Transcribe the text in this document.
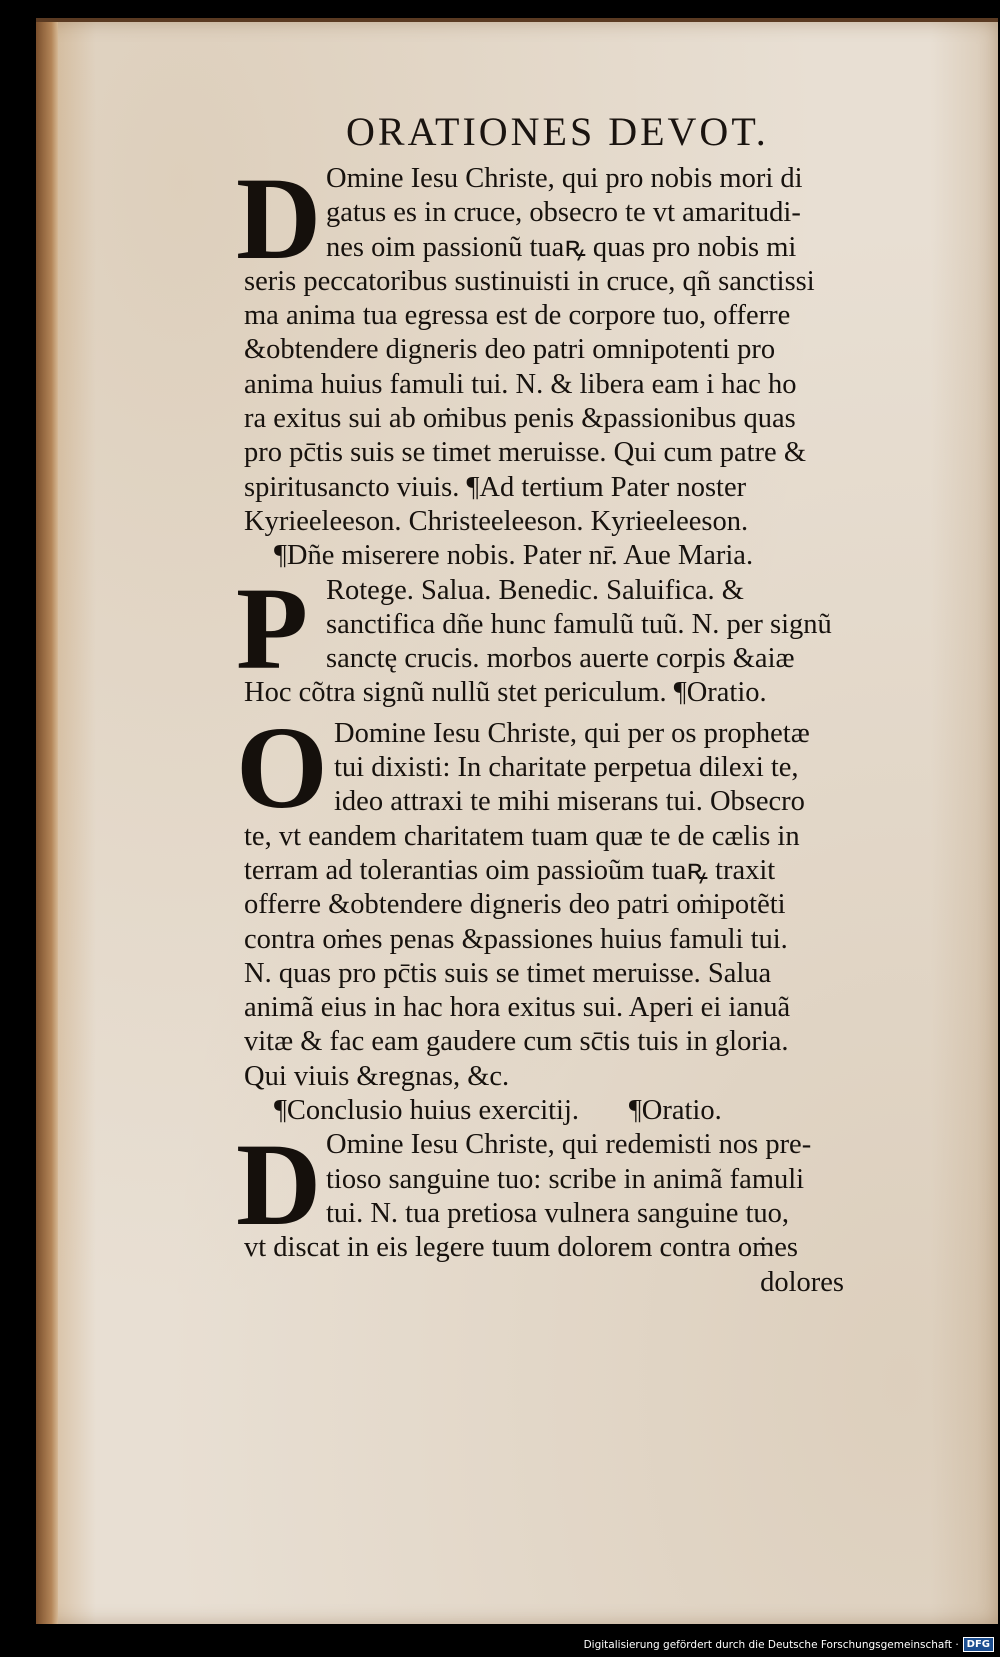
ORATIONES DEVOT.
D Omine Iesu Christe, qui pro nobis mori di
gatus es in cruce, obsecro te vt amaritudi-
nes oim passionũ tuaꝶ quas pro nobis mi
seris peccatoribus sustinuisti in cruce, qñ sanctissi
ma anima tua egressa est de corpore tuo, offerre
&obtendere digneris deo patri omnipotenti pro
anima huius famuli tui. N. & libera eam i hac ho
ra exitus sui ab oṁibus penis &passionibus quas
pro pc̄tis suis se timet meruisse. Qui cum patre &
spiritusancto viuis. ¶Ad tertium Pater noster
Kyrieeleeson. Christeeleeson. Kyrieeleeson.
¶Dñe miserere nobis. Pater nr̄. Aue Maria.
P Rotege. Salua. Benedic. Saluifica. &
sanctifica dñe hunc famulũ tuũ. N. per signũ
sanctę crucis. morbos auerte corpis &aiæ
Hoc cõtra signũ nullũ stet periculum. ¶Oratio.
O Domine Iesu Christe, qui per os prophetæ
tui dixisti: In charitate perpetua dilexi te,
ideo attraxi te mihi miserans tui. Obsecro
te, vt eandem charitatem tuam quæ te de cælis in
terram ad tolerantias oim passioũm tuaꝶ traxit
offerre &obtendere digneris deo patri oṁipotẽti
contra oṁes penas &passiones huius famuli tui.
N. quas pro pc̄tis suis se timet meruisse. Salua
animã eius in hac hora exitus sui. Aperi ei ianuã
vitæ & fac eam gaudere cum sc̄tis tuis in gloria.
Qui viuis &regnas, &c.
¶Conclusio huius exercitij.       ¶Oratio.
D Omine Iesu Christe, qui redemisti nos pre-
tioso sanguine tuo: scribe in animã famuli
tui. N. tua pretiosa vulnera sanguine tuo,
vt discat in eis legere tuum dolorem contra oṁes
dolores
Digitalisierung gefördert durch die Deutsche Forschungsgemeinschaft · DFG
